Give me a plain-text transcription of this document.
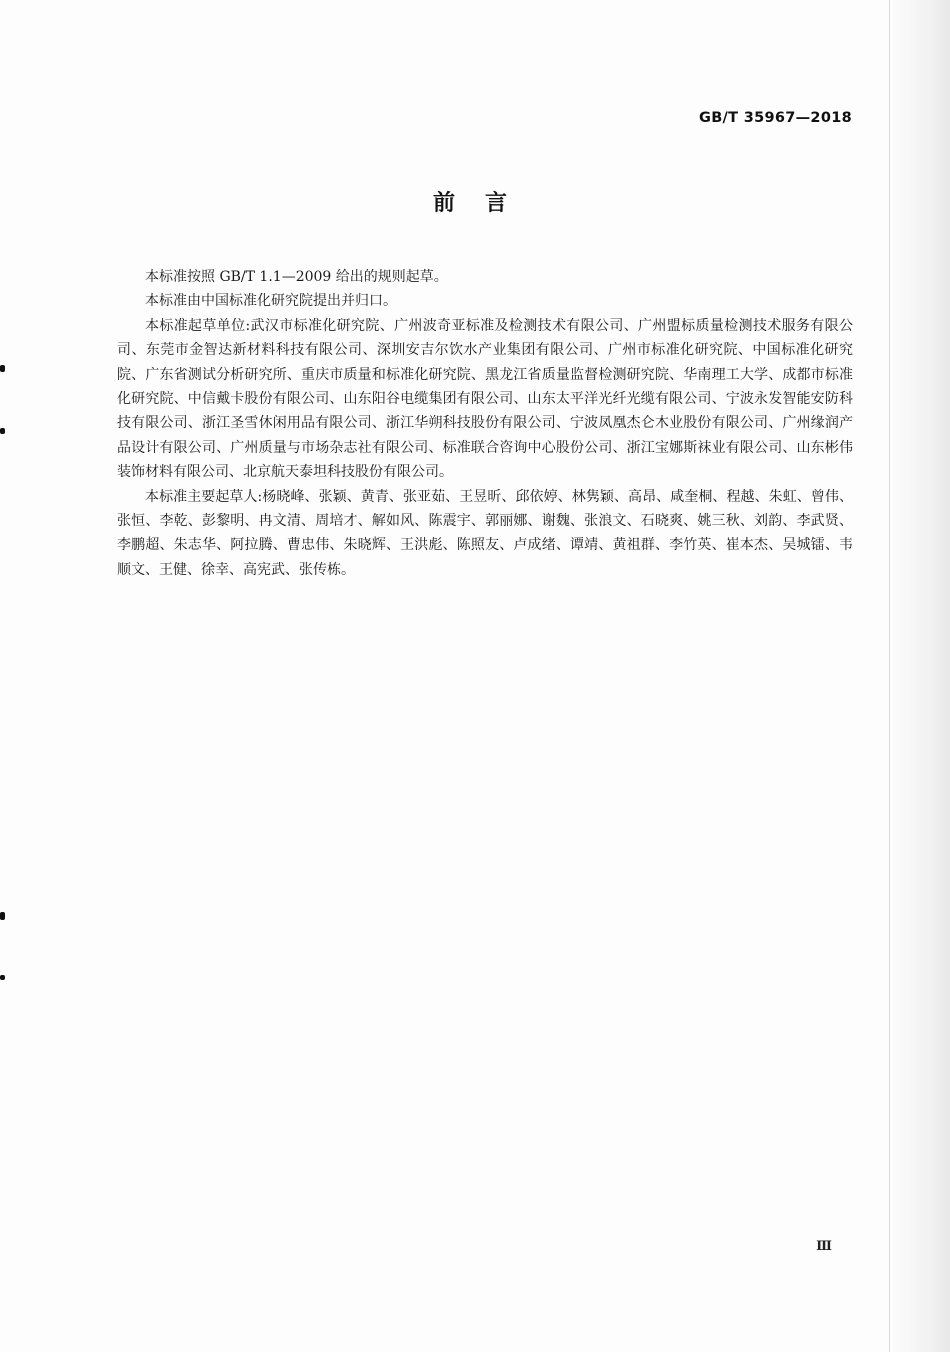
GB/T 35967—2018
前言

本标准按照 GB/T 1.1—2009 给出的规则起草。

本标准由中国标准化研究院提出并归口。

本标准起草单位:武汉市标准化研究院、广州波奇亚标准及检测技术有限公司、广州盟标质量检测技术服务有限公司、东莞市金智达新材料科技有限公司、深圳安吉尔饮水产业集团有限公司、广州市标准化研究院、中国标准化研究院、广东省测试分析研究所、重庆市质量和标准化研究院、黑龙江省质量监督检测研究院、华南理工大学、成都市标准化研究院、中信戴卡股份有限公司、山东阳谷电缆集团有限公司、山东太平洋光纤光缆有限公司、宁波永发智能安防科技有限公司、浙江圣雪休闲用品有限公司、浙江华朔科技股份有限公司、宁波凤凰杰仑木业股份有限公司、广州缘润产品设计有限公司、广州质量与市场杂志社有限公司、标准联合咨询中心股份公司、浙江宝娜斯袜业有限公司、山东彬伟装饰材料有限公司、北京航天泰坦科技股份有限公司。

本标准主要起草人:杨晓峰、张颖、黄青、张亚茹、王昱昕、邱依婷、林隽颖、高昂、咸奎桐、程越、朱虹、曾伟、张恒、李乾、彭黎明、冉文清、周培才、解如风、陈震宇、郭丽娜、谢魏、张浪文、石晓爽、姚三秋、刘韵、李武贤、李鹏超、朱志华、阿拉腾、曹忠伟、朱晓辉、王洪彪、陈照友、卢成绪、谭靖、黄祖群、李竹英、崔本杰、吴城镭、韦顺文、王健、徐幸、高宪武、张传栋。

Ⅲ
